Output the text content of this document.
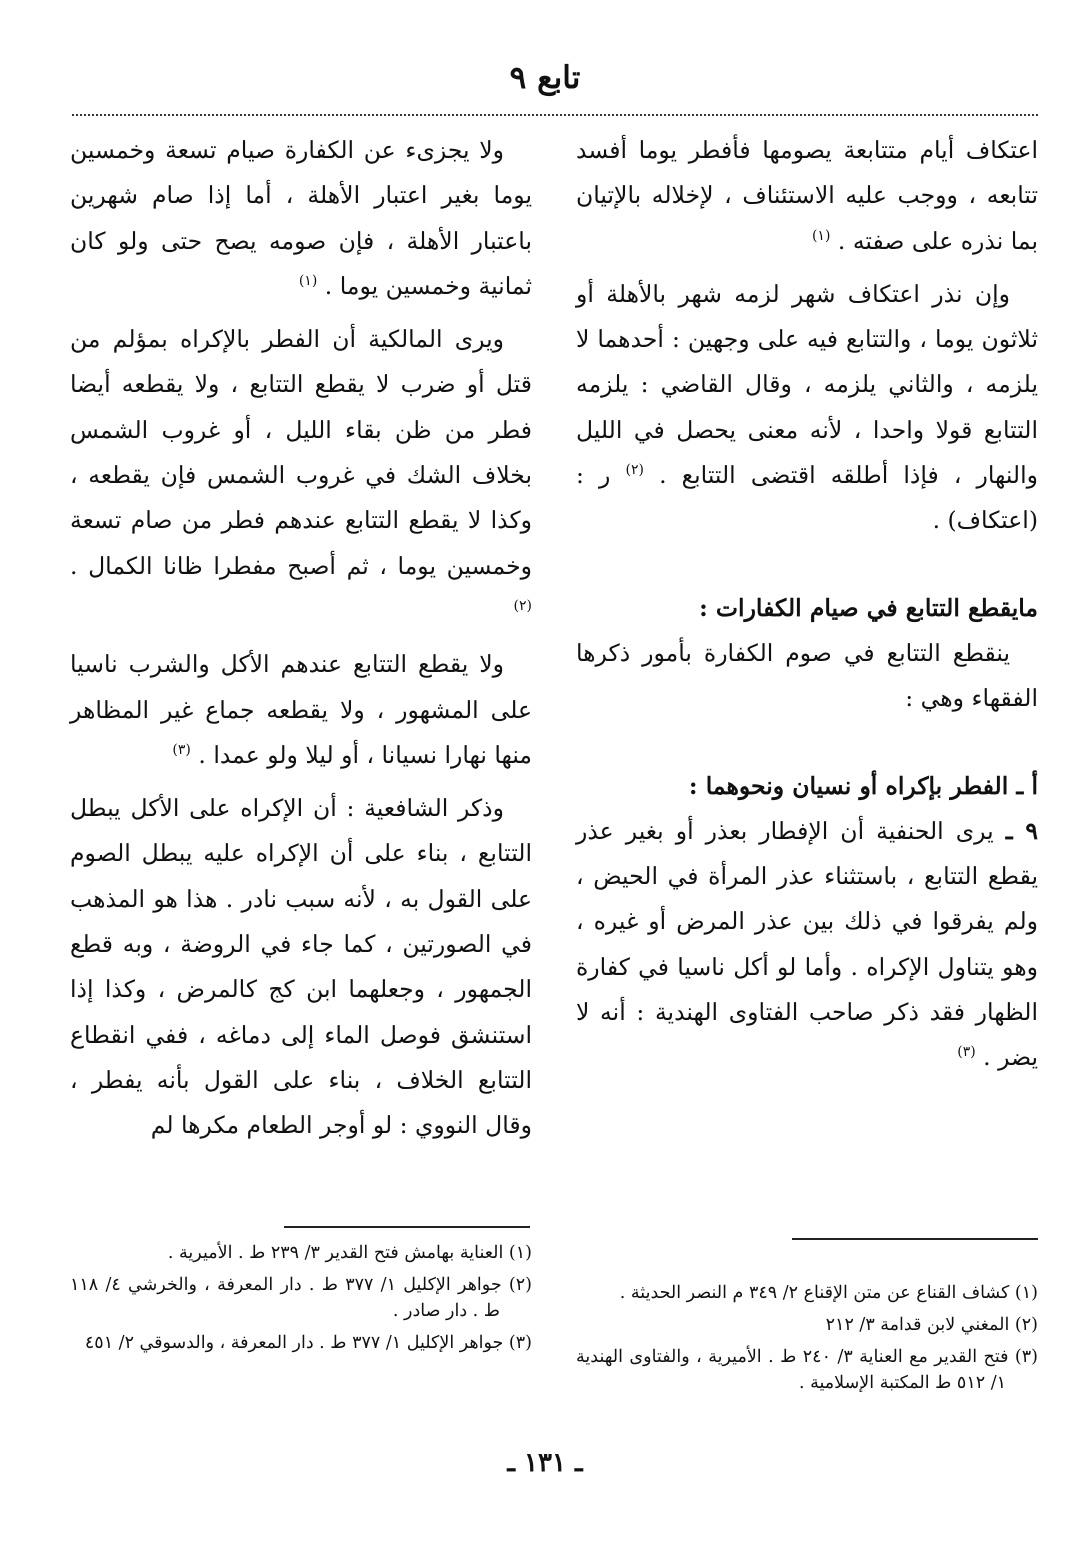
تابع ٩

اعتكاف أيام متتابعة يصومها فأفطر يوما أفسد تتابعه ، ووجب عليه الاستئناف ، لإخلاله بالإتيان بما نذره على صفته . $^{(١)}$

وإن نذر اعتكاف شهر لزمه شهر بالأهلة أو ثلاثون يوما ، والتتابع فيه على وجهين : أحدهما لا يلزمه ، والثاني يلزمه ، وقال القاضي : يلزمه التتابع قولا واحدا ، لأنه معنى يحصل في الليل والنهار ، فإذا أطلقه اقتضى التتابع . $^{(٢)}$ ر : (اعتكاف) .

مايقطع التتابع في صيام الكفارات :

ينقطع التتابع في صوم الكفارة بأمور ذكرها الفقهاء وهي :

أ ـ الفطر بإكراه أو نسيان ونحوهما :

٩ ـ يرى الحنفية أن الإفطار بعذر أو بغير عذر يقطع التتابع ، باستثناء عذر المرأة في الحيض ، ولم يفرقوا في ذلك بين عذر المرض أو غيره ، وهو يتناول الإكراه . وأما لو أكل ناسيا في كفارة الظهار فقد ذكر صاحب الفتاوى الهندية : أنه لا يضر . $^{(٣)}$

ولا يجزىء عن الكفارة صيام تسعة وخمسين يوما بغير اعتبار الأهلة ، أما إذا صام شهرين باعتبار الأهلة ، فإن صومه يصح حتى ولو كان ثمانية وخمسين يوما . $^{(١)}$

ويرى المالكية أن الفطر بالإكراه بمؤلم من قتل أو ضرب لا يقطع التتابع ، ولا يقطعه أيضا فطر من ظن بقاء الليل ، أو غروب الشمس بخلاف الشك في غروب الشمس فإن يقطعه ، وكذا لا يقطع التتابع عندهم فطر من صام تسعة وخمسين يوما ، ثم أصبح مفطرا ظانا الكمال . $^{(٢)}$

ولا يقطع التتابع عندهم الأكل والشرب ناسيا على المشهور ، ولا يقطعه جماع غير المظاهر منها نهارا نسيانا ، أو ليلا ولو عمدا . $^{(٣)}$

وذكر الشافعية : أن الإكراه على الأكل يبطل التتابع ، بناء على أن الإكراه عليه يبطل الصوم على القول به ، لأنه سبب نادر . هذا هو المذهب في الصورتين ، كما جاء في الروضة ، وبه قطع الجمهور ، وجعلهما ابن كج كالمرض ، وكذا إذا استنشق فوصل الماء إلى دماغه ، ففي انقطاع التتابع الخلاف ، بناء على القول بأنه يفطر ، وقال النووي : لو أوجر الطعام مكرها لم

(١) كشاف القناع عن متن الإقناع ٢/ ٣٤٩ م النصر الحديثة .

(٢) المغني لابن قدامة ٣/ ٢١٢

(٣) فتح القدير مع العناية ٣/ ٢٤٠ ط . الأميرية ، والفتاوى الهندية ١/ ٥١٢ ط المكتبة الإسلامية .

(١) العناية بهامش فتح القدير ٣/ ٢٣٩ ط . الأميرية .

(٢) جواهر الإكليل ١/ ٣٧٧ ط . دار المعرفة ، والخرشي ٤/ ١١٨ ط . دار صادر .

(٣) جواهر الإكليل ١/ ٣٧٧ ط . دار المعرفة ، والدسوقي ٢/ ٤٥١

ـ ١٣١ ـ
